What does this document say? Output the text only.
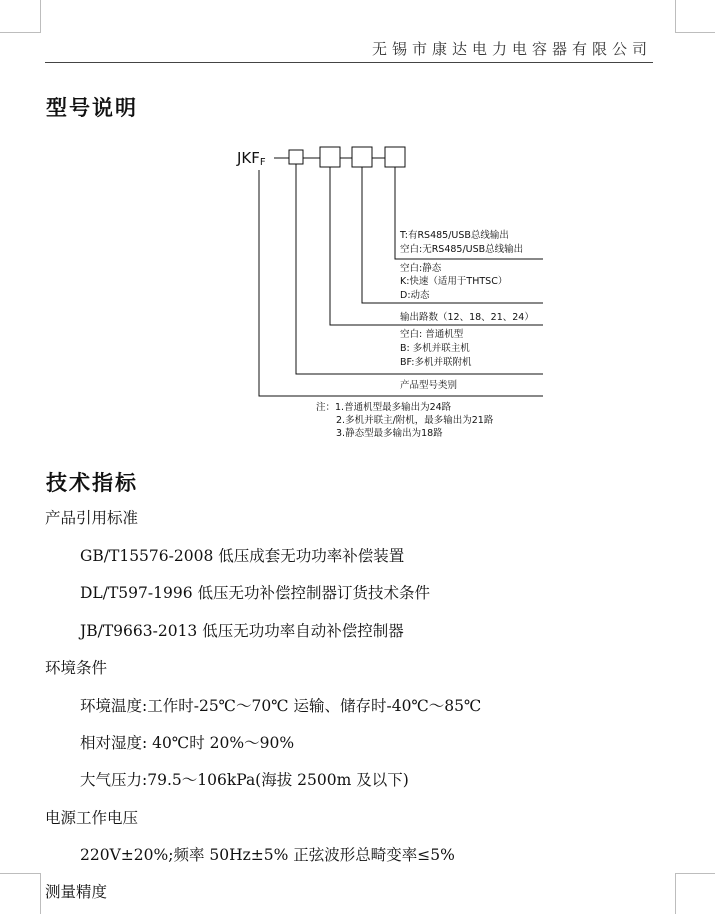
无锡市康达电力电容器有限公司
型号说明
JKFF
T:有RS485/USB总线输出
空白:无RS485/USB总线输出
空白:静态
K:快速（适用于THTSC）
D:动态
输出路数（12、18、21、24）
空白: 普通机型
B: 多机并联主机
BF:多机并联附机
产品型号类别
注：1.普通机型最多输出为24路
2.多机并联主/附机，最多输出为21路
3.静态型最多输出为18路
技术指标
产品引用标准
GB/T15576-2008 低压成套无功功率补偿装置
DL/T597-1996 低压无功补偿控制器订货技术条件
JB/T9663-2013 低压无功功率自动补偿控制器
环境条件
环境温度:工作时-25℃～70℃ 运输、储存时-40℃～85℃
相对湿度: 40℃时 20%～90%
大气压力:79.5～106kPa(海拔 2500m 及以下)
电源工作电压
220V±20%;频率 50Hz±5% 正弦波形总畸变率≤5%
测量精度
